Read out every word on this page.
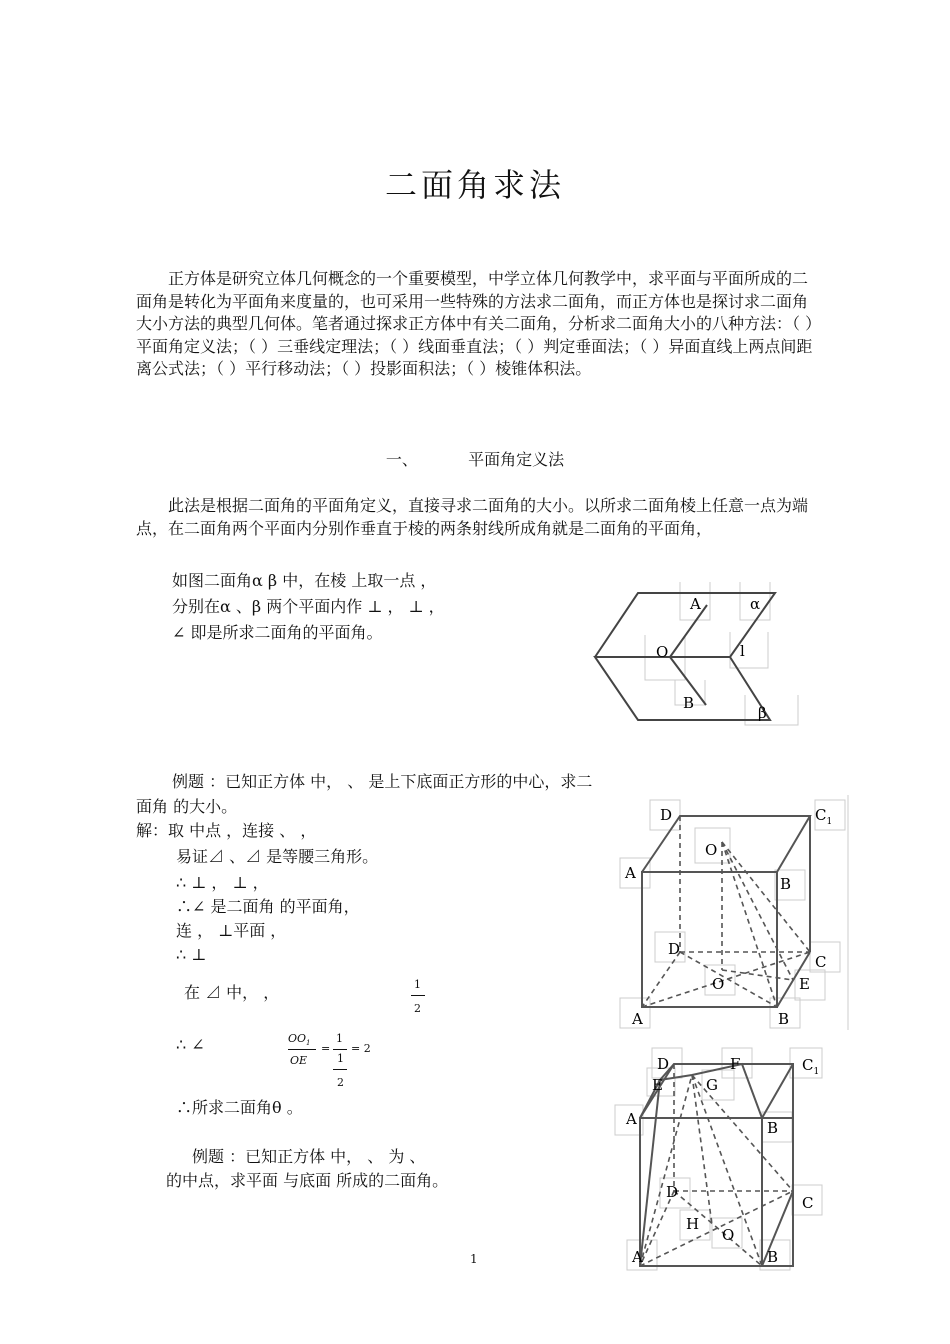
二面角求法
正方体是研究立体几何概念的一个重要模型，中学立体几何教学中，求平面与平面所成的二面角是转化为平面角来度量的，也可采用一些特殊的方法求二面角，而正方体也是探讨求二面角大小方法的典型几何体。笔者通过探求正方体中有关二面角，分析求二面角大小的八种方法：（ ）平面角定义法；（ ）三垂线定理法；（ ）线面垂直法；（ ）判定垂面法；（ ）异面直线上两点间距离公式法；（ ）平行移动法；（ ）投影面积法；（ ）棱锥体积法。
一、	平面角定义法
此法是根据二面角的平面角定义，直接寻求二面角的大小。以所求二面角棱上任意一点为端点，在二面角两个平面内分别作垂直于棱的两条射线所成角就是二面角的平面角，
如图二面角α β 中，在棱 上取一点 ，
分别在α 、β 两个平面内作 ⊥ ， ⊥ ，
∠ 即是所求二面角的平面角。
A	α
O	l
B
β
例题 ：已知正方体 中， 、 是上下底面正方形的中心，求二
面角 的大小。
解：取 中点 ，连接 、 ，
易证⊿ 、⊿ 是等腰三角形。
∴ ⊥ ， ⊥ ，
∴∠ 是二面角 的平面角，
连 ， ⊥平面 ，
∴ ⊥
在 ⊿ 中， ，	1
2
∴ ∠	$OO_1$
OE
=
1
1
2
= 2
∴所求二面角θ 。
例题 ：已知正方体 中， 、 为 、
的中点，求平面 与底面 所成的二面角。
D	$C_1$
O
A
B
D
C
O	E
A	B
D	F	$C_1$
E	G
A	B
D
C
H
O
A	B
1
